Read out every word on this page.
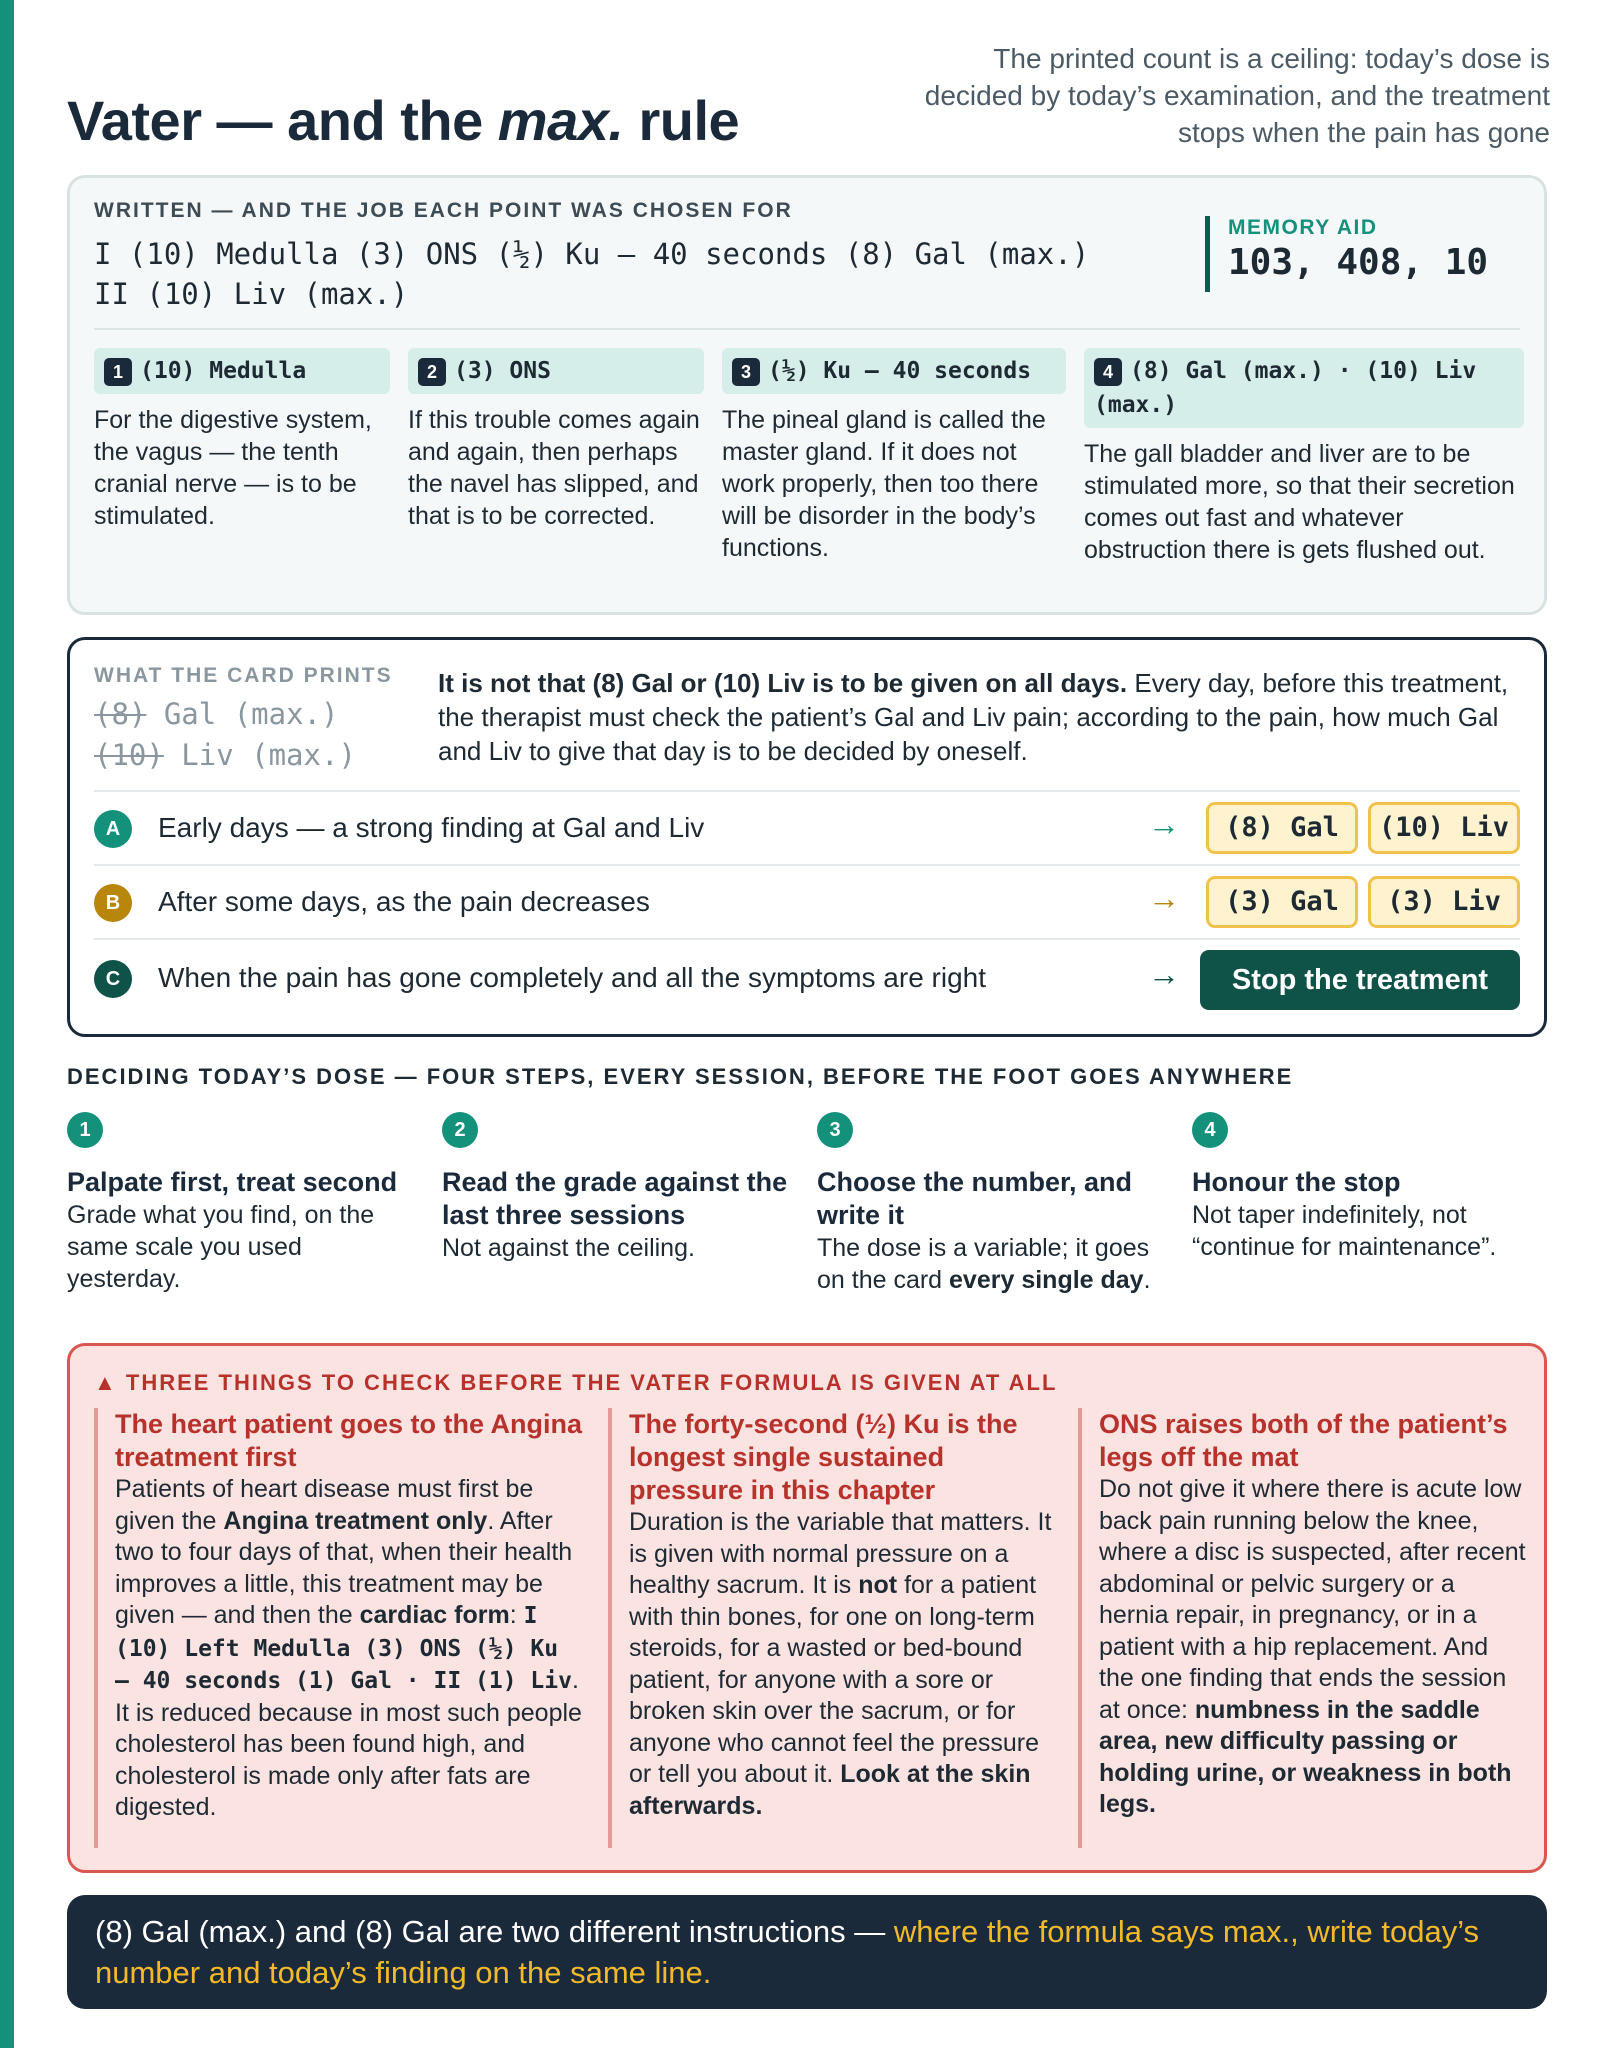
Vater — and the max. rule
The printed count is a ceiling: today’s dose is decided by today’s examination, and the treatment stops when the pain has gone
WRITTEN — AND THE JOB EACH POINT WAS CHOSEN FOR
I (10) Medulla (3) ONS (½) Ku – 40 seconds (8) Gal (max.)
II (10) Liv (max.)
MEMORY AID
103, 408, 10
1 (10) Medulla
For the digestive system, the vagus — the tenth cranial nerve — is to be stimulated.
2 (3) ONS
If this trouble comes again and again, then perhaps the navel has slipped, and that is to be corrected.
3 (½) Ku – 40 seconds
The pineal gland is called the master gland. If it does not work properly, then too there will be disorder in the body’s functions.
4 (8) Gal (max.) · (10) Liv (max.)
The gall bladder and liver are to be stimulated more, so that their secretion comes out fast and whatever obstruction there is gets flushed out.
WHAT THE CARD PRINTS
(8) Gal (max.)
(10) Liv (max.)
It is not that (8) Gal or (10) Liv is to be given on all days. Every day, before this treatment, the therapist must check the patient’s Gal and Liv pain; according to the pain, how much Gal and Liv to give that day is to be decided by oneself.
A	Early days — a strong finding at Gal and Liv	→	(8) Gal	(10) Liv
B	After some days, as the pain decreases	→	(3) Gal	(3) Liv
C	When the pain has gone completely and all the symptoms are right	→	Stop the treatment
DECIDING TODAY’S DOSE — FOUR STEPS, EVERY SESSION, BEFORE THE FOOT GOES ANYWHERE
1
Palpate first, treat second
Grade what you find, on the same scale you used yesterday.
2
Read the grade against the last three sessions
Not against the ceiling.
3
Choose the number, and write it
The dose is a variable; it goes on the card every single day.
4
Honour the stop
Not taper indefinitely, not “continue for maintenance”.
▲ THREE THINGS TO CHECK BEFORE THE VATER FORMULA IS GIVEN AT ALL
The heart patient goes to the Angina treatment first
Patients of heart disease must first be given the Angina treatment only. After two to four days of that, when their health improves a little, this treatment may be given — and then the cardiac form: I (10) Left Medulla (3) ONS (½) Ku – 40 seconds (1) Gal · II (1) Liv. It is reduced because in most such people cholesterol has been found high, and cholesterol is made only after fats are digested.
The forty-second (½) Ku is the longest single sustained pressure in this chapter
Duration is the variable that matters. It is given with normal pressure on a healthy sacrum. It is not for a patient with thin bones, for one on long-term steroids, for a wasted or bed-bound patient, for anyone with a sore or broken skin over the sacrum, or for anyone who cannot feel the pressure or tell you about it. Look at the skin afterwards.
ONS raises both of the patient’s legs off the mat
Do not give it where there is acute low back pain running below the knee, where a disc is suspected, after recent abdominal or pelvic surgery or a hernia repair, in pregnancy, or in a patient with a hip replacement. And the one finding that ends the session at once: numbness in the saddle area, new difficulty passing or holding urine, or weakness in both legs.
(8) Gal (max.) and (8) Gal are two different instructions — where the formula says max., write today’s number and today’s finding on the same line.
